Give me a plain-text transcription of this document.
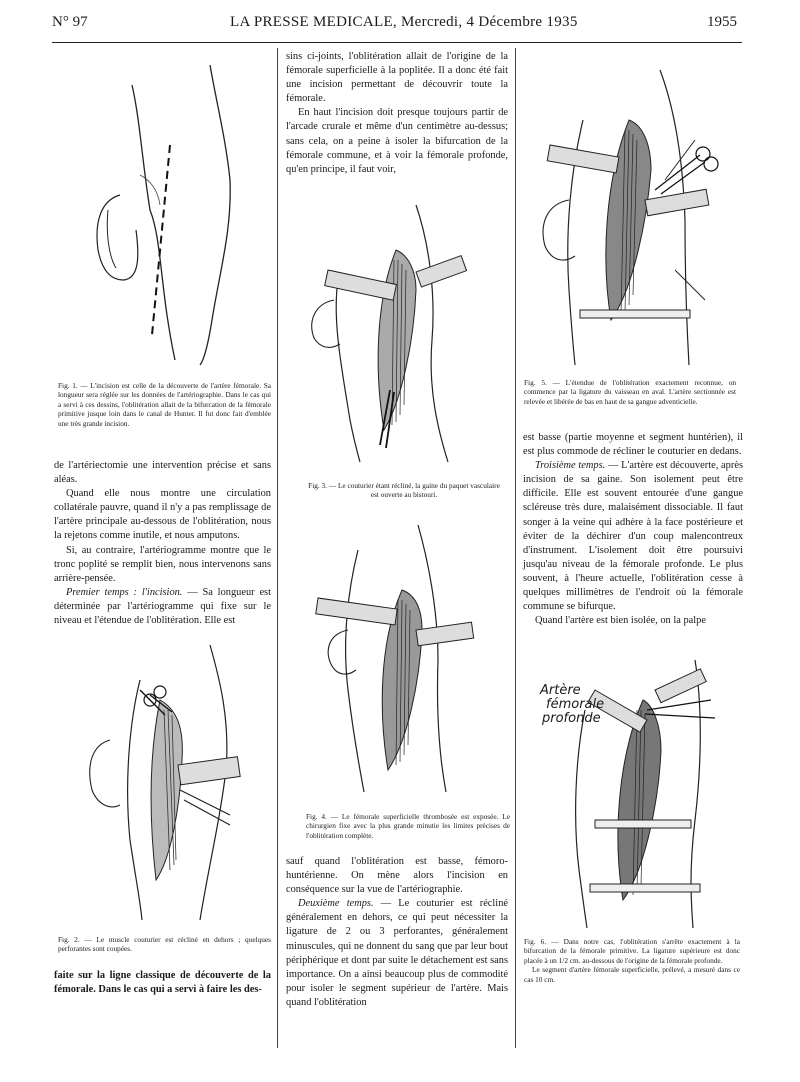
N° 97	LA PRESSE MEDICALE, Mercredi, 4 Décembre 1935	1955

Fig. 1. — L'incision est celle de la découverte de l'artère fémorale. Sa longueur sera réglée sur les données de l'artériographie. Dans le cas qui a servi à ces dessins, l'oblitération allait de la bifurcation de la fémorale primitive jusque loin dans le canal de Hunter. Il fut donc fait d'emblée une très grande incision.

de l'artériectomie une intervention précise et sans aléas.

Quand elle nous montre une circulation collatérale pauvre, quand il n'y a pas remplissage de l'artère principale au-dessous de l'oblitération, nous la rejetons comme inutile, et nous amputons.

Si, au contraire, l'artériogramme montre que le tronc poplité se remplit bien, nous intervenons sans arrière-pensée.

Premier temps : l'incision. — Sa longueur est déterminée par l'artériogramme qui fixe sur le niveau et l'étendue de l'oblitération. Elle est

Fig. 2. — Le muscle couturier est récliné en dehors ; quelques perforantes sont coupées.

faite sur la ligne classique de découverte de la fémorale. Dans le cas qui a servi à faire les des-

sins ci-joints, l'oblitération allait de l'origine de la fémorale superficielle à la poplitée. Il a donc été fait une incision permettant de découvrir toute la fémorale.

En haut l'incision doit presque toujours partir de l'arcade crurale et même d'un centimètre au-dessus; sans cela, on a peine à isoler la bifurcation de la fémorale commune, et à voir la fémorale profonde, qu'en principe, il faut voir,

Fig. 3. — Le couturier étant récliné, la gaine du paquet vasculaire est ouverte au bistouri.

Fig. 4. — Le fémorale superficielle thrombosée est exposée. Le chirurgien fixe avec la plus grande minutie les limites précises de l'oblitération complète.

sauf quand l'oblitération est basse, fémoro-huntérienne. On mène alors l'incision en conséquence sur la vue de l'artériographie.

Deuxième temps. — Le couturier est récliné généralement en dehors, ce qui peut nécessiter la ligature de 2 ou 3 perforantes, généralement minuscules, qui ne donnent du sang que par leur bout périphérique et dont par suite le détachement est sans importance. On a ainsi beaucoup plus de commodité pour isoler le segment supérieur de l'artère. Mais quand l'oblitération

Fig. 5. — L'étendue de l'oblitération exactement reconnue, on commence par la ligature du vaisseau en aval. L'artère sectionnée est relevée et libérée de bas en haut de sa gangue adventicielle.

est basse (partie moyenne et segment huntérien), il est plus commode de récliner le couturier en dedans.

Troisième temps. — L'artère est découverte, après incision de sa gaine. Son isolement peut être difficile. Elle est souvent entourée d'une gangue scléreuse très dure, malaisément dissociable. Il faut songer à la veine qui adhère à la face postérieure et éviter de la déchirer d'un coup malencontreux d'instrument. L'isolement doit être poursuivi jusqu'au niveau de la fémorale profonde. Le plus souvent, à l'heure actuelle, l'oblitération cesse à quelques millimètres de l'endroit où la fémorale commune se bifurque.

Quand l'artère est bien isolée, on la palpe

Artère
fémorale
profonde

Fig. 6. — Dans notre cas, l'oblitération s'arrête exactement à la bifurcation de la fémorale primitive. La ligature supérieure est donc placée à un 1/2 cm. au-dessous de l'origine de la fémorale profonde.

Le segment d'artère fémorale superficielle, prélevé, a mesuré dans ce cas 10 cm.
